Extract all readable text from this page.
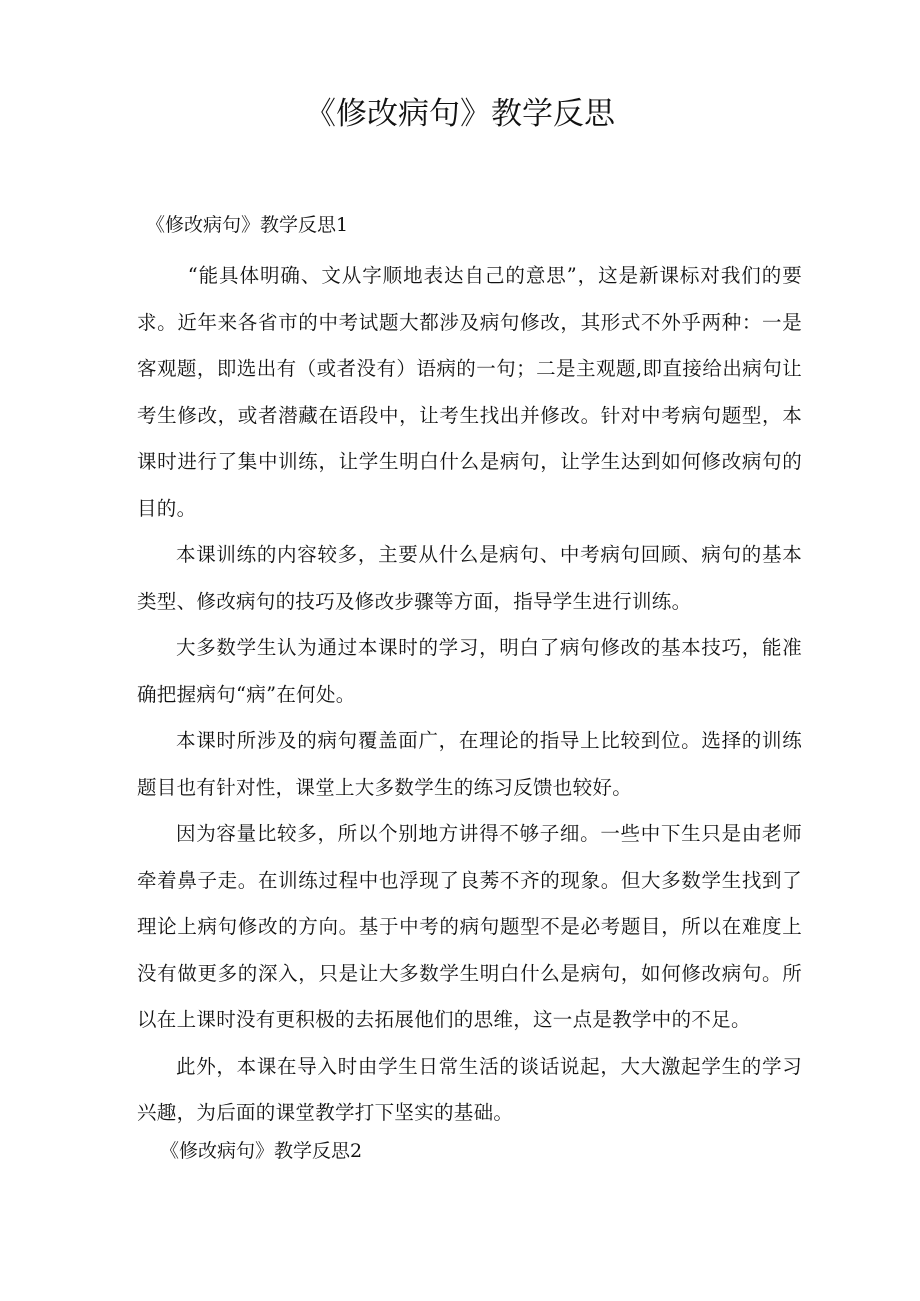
《修改病句》教学反思
《修改病句》教学反思1

“能具体明确、文从字顺地表达自己的意思”，这是新课标对我们的要求。近年来各省市的中考试题大都涉及病句修改，其形式不外乎两种：一是客观题，即选出有（或者没有）语病的一句；二是主观题,即直接给出病句让考生修改，或者潜藏在语段中，让考生找出并修改。针对中考病句题型，本课时进行了集中训练，让学生明白什么是病句，让学生达到如何修改病句的目的。

本课训练的内容较多，主要从什么是病句、中考病句回顾、病句的基本类型、修改病句的技巧及修改步骤等方面，指导学生进行训练。

大多数学生认为通过本课时的学习，明白了病句修改的基本技巧，能准确把握病句“病”在何处。

本课时所涉及的病句覆盖面广，在理论的指导上比较到位。选择的训练题目也有针对性，课堂上大多数学生的练习反馈也较好。

因为容量比较多，所以个别地方讲得不够子细。一些中下生只是由老师牵着鼻子走。在训练过程中也浮现了良莠不齐的现象。但大多数学生找到了理论上病句修改的方向。基于中考的病句题型不是必考题目，所以在难度上没有做更多的深入，只是让大多数学生明白什么是病句，如何修改病句。所以在上课时没有更积极的去拓展他们的思维，这一点是教学中的不足。

此外，本课在导入时由学生日常生活的谈话说起，大大激起学生的学习兴趣，为后面的课堂教学打下坚实的基础。

《修改病句》教学反思2
